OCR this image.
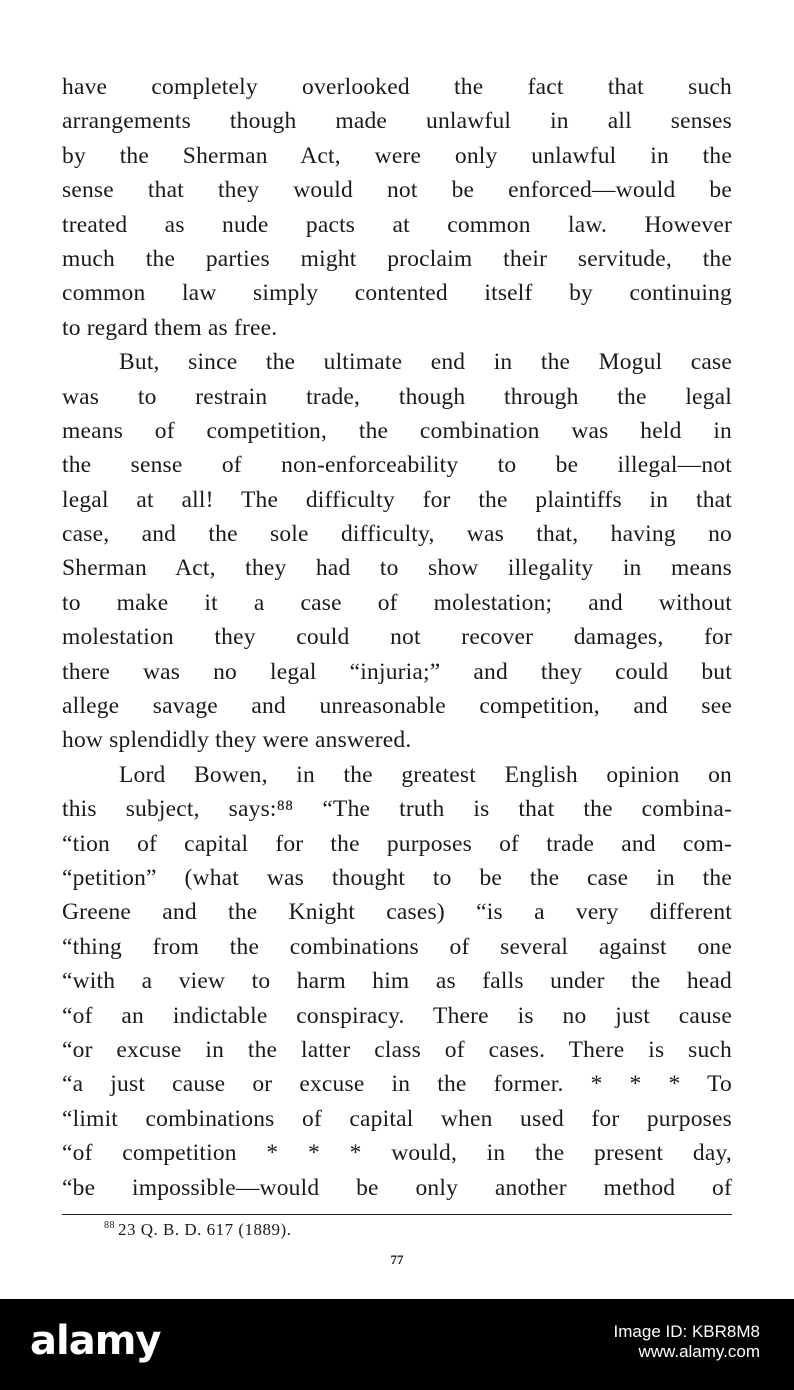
have completely overlooked the fact that such
arrangements though made unlawful in all senses
by the Sherman Act, were only unlawful in the
sense that they would not be enforced—would be
treated as nude pacts at common law. However
much the parties might proclaim their servitude, the
common law simply contented itself by continuing
to regard them as free.
But, since the ultimate end in the Mogul case
was to restrain trade, though through the legal
means of competition, the combination was held in
the sense of non-enforceability to be illegal—not
legal at all! The difficulty for the plaintiffs in that
case, and the sole difficulty, was that, having no
Sherman Act, they had to show illegality in means
to make it a case of molestation; and without
molestation they could not recover damages, for
there was no legal “injuria;” and they could but
allege savage and unreasonable competition, and see
how splendidly they were answered.
Lord Bowen, in the greatest English opinion on
this subject, says:⁸⁸ “The truth is that the combina-
“tion of capital for the purposes of trade and com-
“petition” (what was thought to be the case in the
Greene and the Knight cases) “is a very different
“thing from the combinations of several against one
“with a view to harm him as falls under the head
“of an indictable conspiracy. There is no just cause
“or excuse in the latter class of cases. There is such
“a just cause or excuse in the former. * * * To
“limit combinations of capital when used for purposes
“of competition * * * would, in the present day,
“be impossible—would be only another method of
$^{88}$ 23 Q. B. D. 617 (1889).
77
alamy	Image ID: KBR8M8
www.alamy.com
